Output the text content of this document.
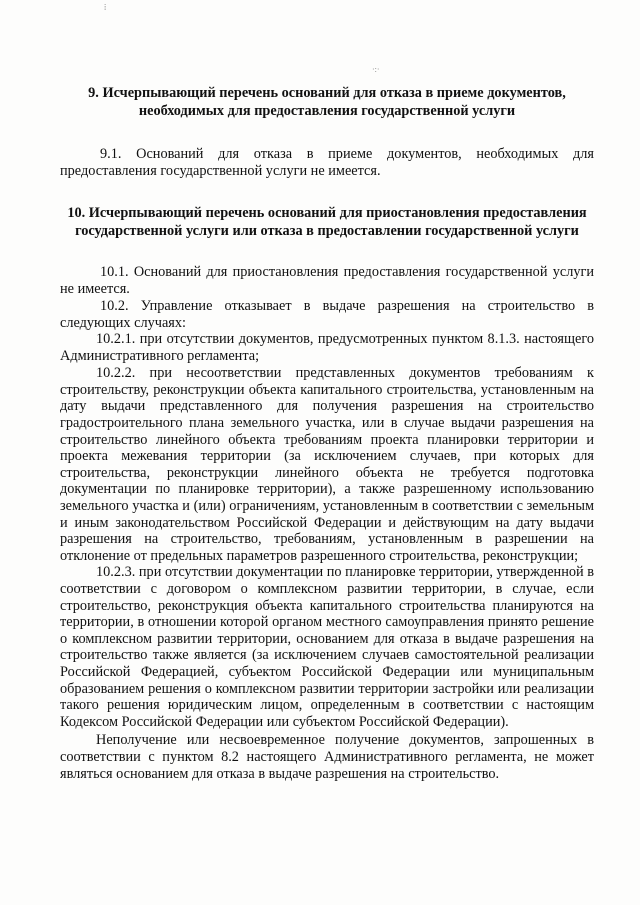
⁞
·:·
9. Исчерпывающий перечень оснований для отказа в приеме документов, необходимых для предоставления государственной услуги

9.1. Оснований для отказа в приеме документов, необходимых для предоставления государственной услуги не имеется.

10. Исчерпывающий перечень оснований для приостановления предоставления государственной услуги или отказа в предоставлении государственной услуги

10.1. Оснований для приостановления предоставления государственной услуги не имеется.

10.2. Управление отказывает в выдаче разрешения на строительство в следующих случаях:

10.2.1. при отсутствии документов, предусмотренных пунктом 8.1.3. настоящего Административного регламента;

10.2.2. при несоответствии представленных документов требованиям к строительству, реконструкции объекта капитального строительства, установленным на дату выдачи представленного для получения разрешения на строительство градостроительного плана земельного участка, или в случае выдачи разрешения на строительство линейного объекта требованиям проекта планировки территории и проекта межевания территории (за исключением случаев, при которых для строительства, реконструкции линейного объекта не требуется подготовка документации по планировке территории), а также разрешенному использованию земельного участка и (или) ограничениям, установленным в соответствии с земельным и иным законодательством Российской Федерации и действующим на дату выдачи разрешения на строительство, требованиям, установленным в разрешении на отклонение от предельных параметров разрешенного строительства, реконструкции;

10.2.3. при отсутствии документации по планировке территории, утвержденной в соответствии с договором о комплексном развитии территории, в случае, если строительство, реконструкция объекта капитального строительства планируются на территории, в отношении которой органом местного самоуправления принято решение о комплексном развитии территории, основанием для отказа в выдаче разрешения на строительство также является (за исключением случаев самостоятельной реализации Российской Федерацией, субъектом Российской Федерации или муниципальным образованием решения о комплексном развитии территории застройки или реализации такого решения юридическим лицом, определенным в соответствии с настоящим Кодексом Российской Федерации или субъектом Российской Федерации).

Неполучение или несвоевременное получение документов, запрошенных в соответствии с пунктом 8.2 настоящего Административного регламента, не может являться основанием для отказа в выдаче разрешения на строительство.
